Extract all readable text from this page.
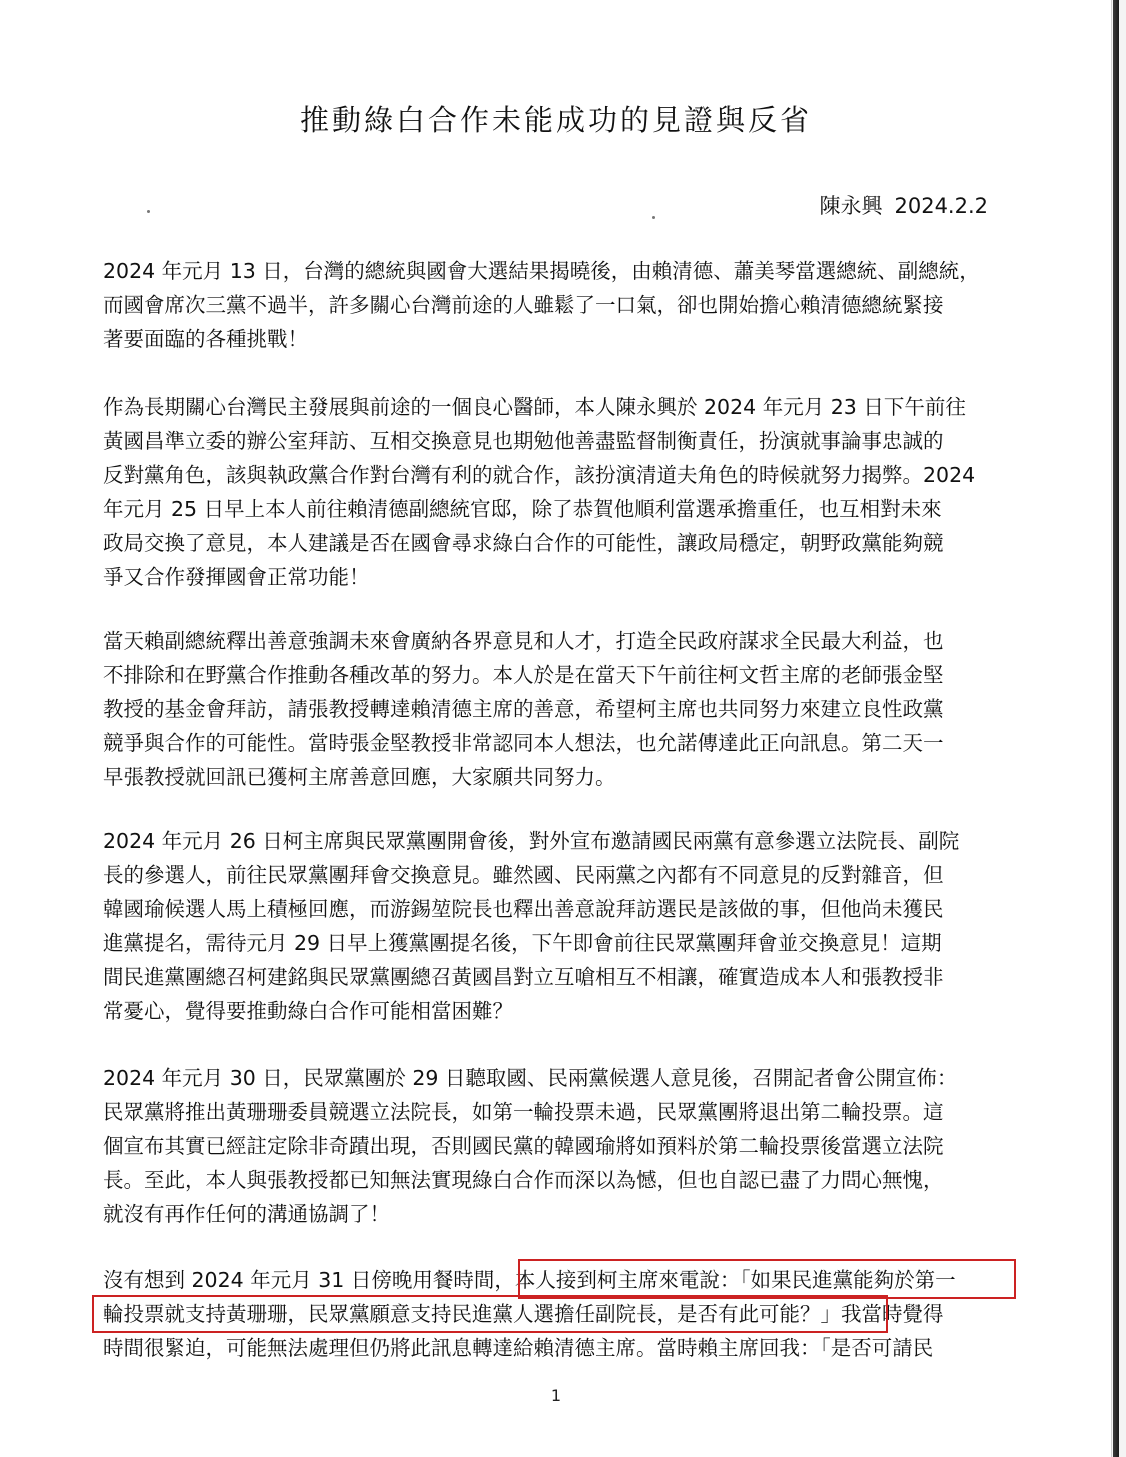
推動綠白合作未能成功的見證與反省
陳永興 2024.2.2
2024 年元月 13 日，台灣的總統與國會大選結果揭曉後，由賴清德、蕭美琴當選總統、副總統，
而國會席次三黨不過半，許多關心台灣前途的人雖鬆了一口氣，卻也開始擔心賴清德總統緊接
著要面臨的各種挑戰！
作為長期關心台灣民主發展與前途的一個良心醫師，本人陳永興於 2024 年元月 23 日下午前往
黃國昌準立委的辦公室拜訪、互相交換意見也期勉他善盡監督制衡責任，扮演就事論事忠誠的
反對黨角色，該與執政黨合作對台灣有利的就合作，該扮演清道夫角色的時候就努力揭弊。2024
年元月 25 日早上本人前往賴清德副總統官邸，除了恭賀他順利當選承擔重任，也互相對未來
政局交換了意見，本人建議是否在國會尋求綠白合作的可能性，讓政局穩定，朝野政黨能夠競
爭又合作發揮國會正常功能！
當天賴副總統釋出善意強調未來會廣納各界意見和人才，打造全民政府謀求全民最大利益，也
不排除和在野黨合作推動各種改革的努力。本人於是在當天下午前往柯文哲主席的老師張金堅
教授的基金會拜訪，請張教授轉達賴清德主席的善意，希望柯主席也共同努力來建立良性政黨
競爭與合作的可能性。當時張金堅教授非常認同本人想法，也允諾傳達此正向訊息。第二天一
早張教授就回訊已獲柯主席善意回應，大家願共同努力。
2024 年元月 26 日柯主席與民眾黨團開會後，對外宣布邀請國民兩黨有意參選立法院長、副院
長的參選人，前往民眾黨團拜會交換意見。雖然國、民兩黨之內都有不同意見的反對雜音，但
韓國瑜候選人馬上積極回應，而游錫堃院長也釋出善意說拜訪選民是該做的事，但他尚未獲民
進黨提名，需待元月 29 日早上獲黨團提名後，下午即會前往民眾黨團拜會並交換意見！這期
間民進黨團總召柯建銘與民眾黨團總召黃國昌對立互嗆相互不相讓，確實造成本人和張教授非
常憂心，覺得要推動綠白合作可能相當困難？
2024 年元月 30 日，民眾黨團於 29 日聽取國、民兩黨候選人意見後，召開記者會公開宣佈：
民眾黨將推出黃珊珊委員競選立法院長，如第一輪投票未過，民眾黨團將退出第二輪投票。這
個宣布其實已經註定除非奇蹟出現，否則國民黨的韓國瑜將如預料於第二輪投票後當選立法院
長。至此，本人與張教授都已知無法實現綠白合作而深以為憾，但也自認已盡了力問心無愧，
就沒有再作任何的溝通協調了！
沒有想到 2024 年元月 31 日傍晚用餐時間，本人接到柯主席來電說：「如果民進黨能夠於第一
輪投票就支持黃珊珊，民眾黨願意支持民進黨人選擔任副院長，是否有此可能？」我當時覺得
時間很緊迫，可能無法處理但仍將此訊息轉達給賴清德主席。當時賴主席回我：「是否可請民
1
